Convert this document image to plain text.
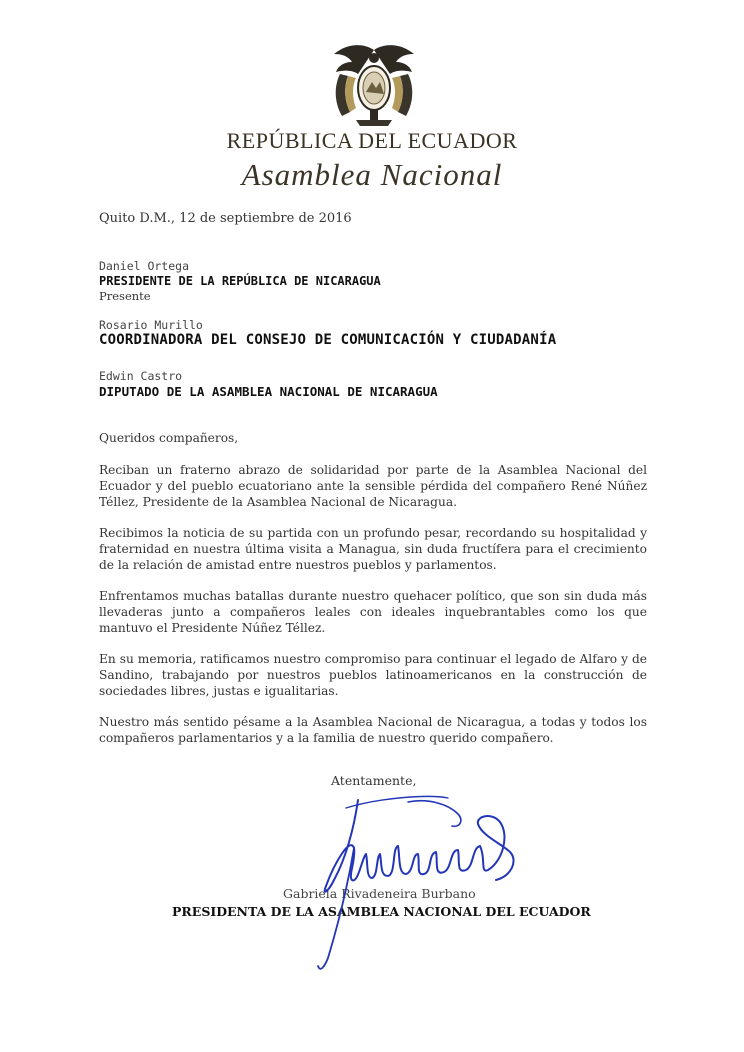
REPÚBLICA DEL ECUADOR
Asamblea Nacional
Quito D.M., 12 de septiembre de 2016
Daniel Ortega
PRESIDENTE DE LA REPÚBLICA DE NICARAGUA
Presente
Rosario Murillo
COORDINADORA DEL CONSEJO DE COMUNICACIÓN Y CIUDADANÍA
Edwin Castro
DIPUTADO DE LA ASAMBLEA NACIONAL DE NICARAGUA
Queridos compañeros,
Reciban un fraterno abrazo de solidaridad por parte de la Asamblea Nacional del Ecuador y del pueblo ecuatoriano ante la sensible pérdida del compañero René Núñez Téllez, Presidente de la Asamblea Nacional de Nicaragua.
Recibimos la noticia de su partida con un profundo pesar, recordando su hospitalidad y fraternidad en nuestra última visita a Managua, sin duda fructífera para el crecimiento de la relación de amistad entre nuestros pueblos y parlamentos.
Enfrentamos muchas batallas durante nuestro quehacer político, que son sin duda más llevaderas junto a compañeros leales con ideales inquebrantables como los que mantuvo el Presidente Núñez Téllez.
En su memoria, ratificamos nuestro compromiso para continuar el legado de Alfaro y de Sandino, trabajando por nuestros pueblos latinoamericanos en la construcción de sociedades libres, justas e igualitarias.
Nuestro más sentido pésame a la Asamblea Nacional de Nicaragua, a todas y todos los compañeros parlamentarios y a la familia de nuestro querido compañero.
Atentamente,
Gabriela Rivadeneira Burbano
PRESIDENTA DE LA ASAMBLEA NACIONAL DEL ECUADOR
